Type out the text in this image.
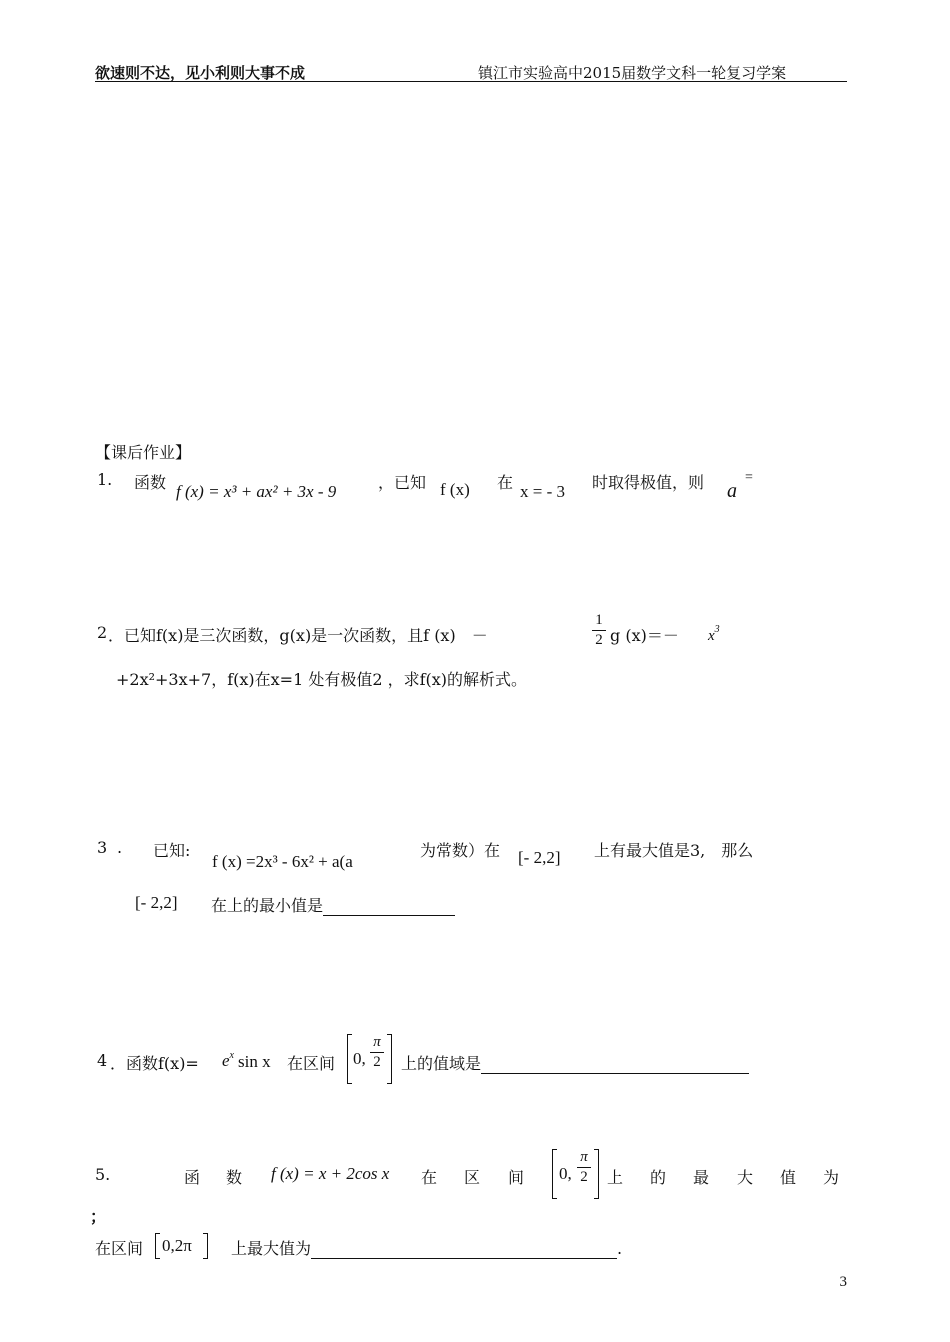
欲速则不达，见小利则大事不成	镇江市实验高中2015届数学文科一轮复习学案
【课后作业】
1. 函数 f (x) = x³ + ax² + 3x - 9	，已知 f (x) 在 x = - 3 时取得极值，则 a
=
2 ．已知f(x)是三次函数，g(x)是一次函数，且f (x)　－
1
2 g $(x)=- x^3$
+2x²+3x+7，f(x)在x=1 处有极值2 ，求f(x)的解析式。
3 . 已知:
f (x) =2x³ - 6x² + a(a
为常数）在 [- 2,2] 上有最大值是3,　那么
[- 2,2] 在上的最小值是
4 ．函数$f(x)= e^x$ sin x 在区间 0,
π
2 上的值域是
5.	函 数 f (x) = x + 2cos x 在 区 间 0,
π
2 上 的 最 大 值 为
；
在区间 0,2π 上最大值为	.
3
